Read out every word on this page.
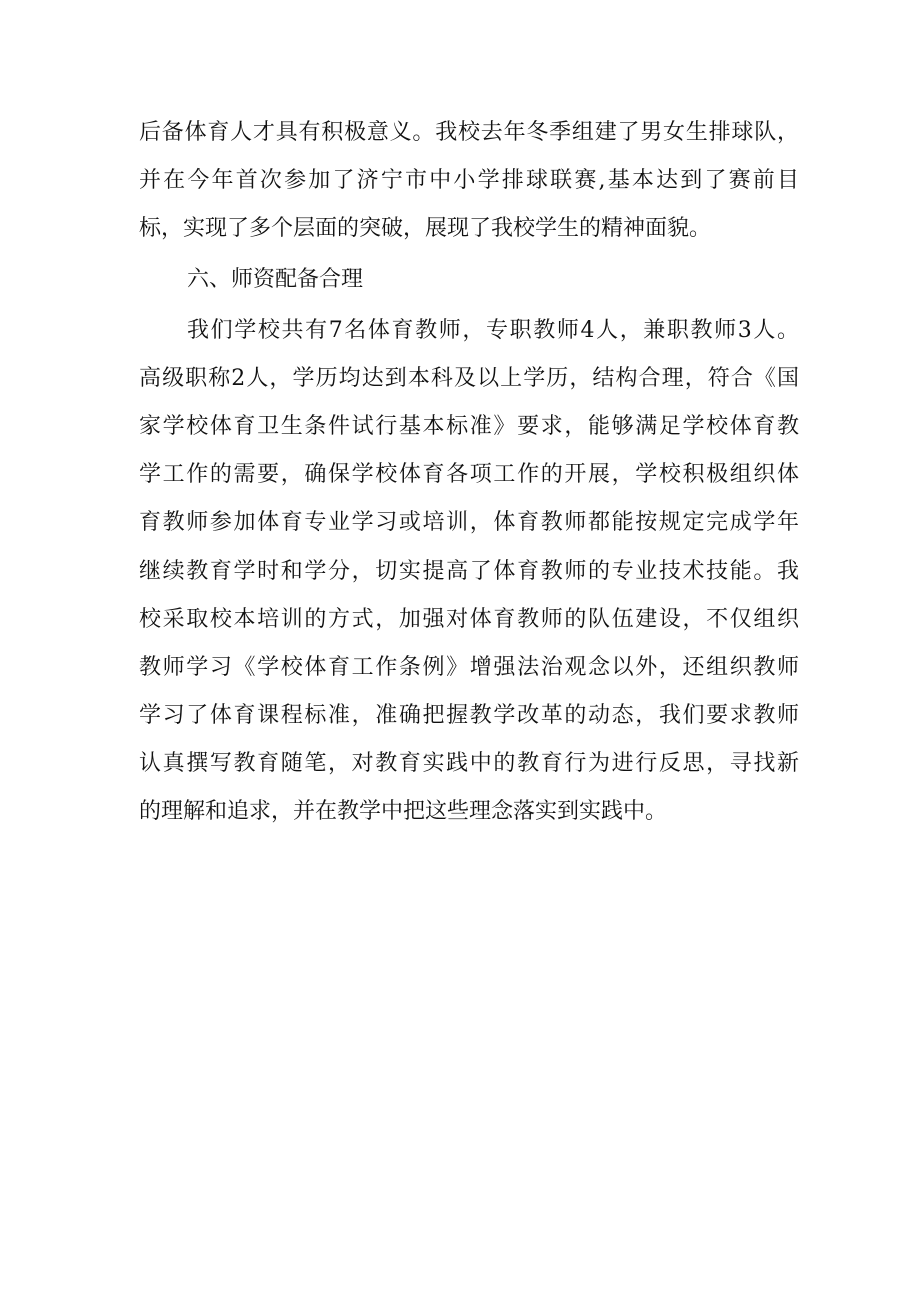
后备体育人才具有积极意义。我校去年冬季组建了男女生排球队，
并在今年首次参加了济宁市中小学排球联赛,基本达到了赛前目
标，实现了多个层面的突破，展现了我校学生的精神面貌。
六、师资配备合理
我们学校共有7名体育教师，专职教师4人，兼职教师3人。
高级职称2人，学历均达到本科及以上学历，结构合理，符合《国
家学校体育卫生条件试行基本标准》要求，能够满足学校体育教
学工作的需要，确保学校体育各项工作的开展，学校积极组织体
育教师参加体育专业学习或培训，体育教师都能按规定完成学年
继续教育学时和学分，切实提高了体育教师的专业技术技能。我
校采取校本培训的方式，加强对体育教师的队伍建设，不仅组织
教师学习《学校体育工作条例》增强法治观念以外，还组织教师
学习了体育课程标准，准确把握教学改革的动态，我们要求教师
认真撰写教育随笔，对教育实践中的教育行为进行反思，寻找新
的理解和追求，并在教学中把这些理念落实到实践中。
